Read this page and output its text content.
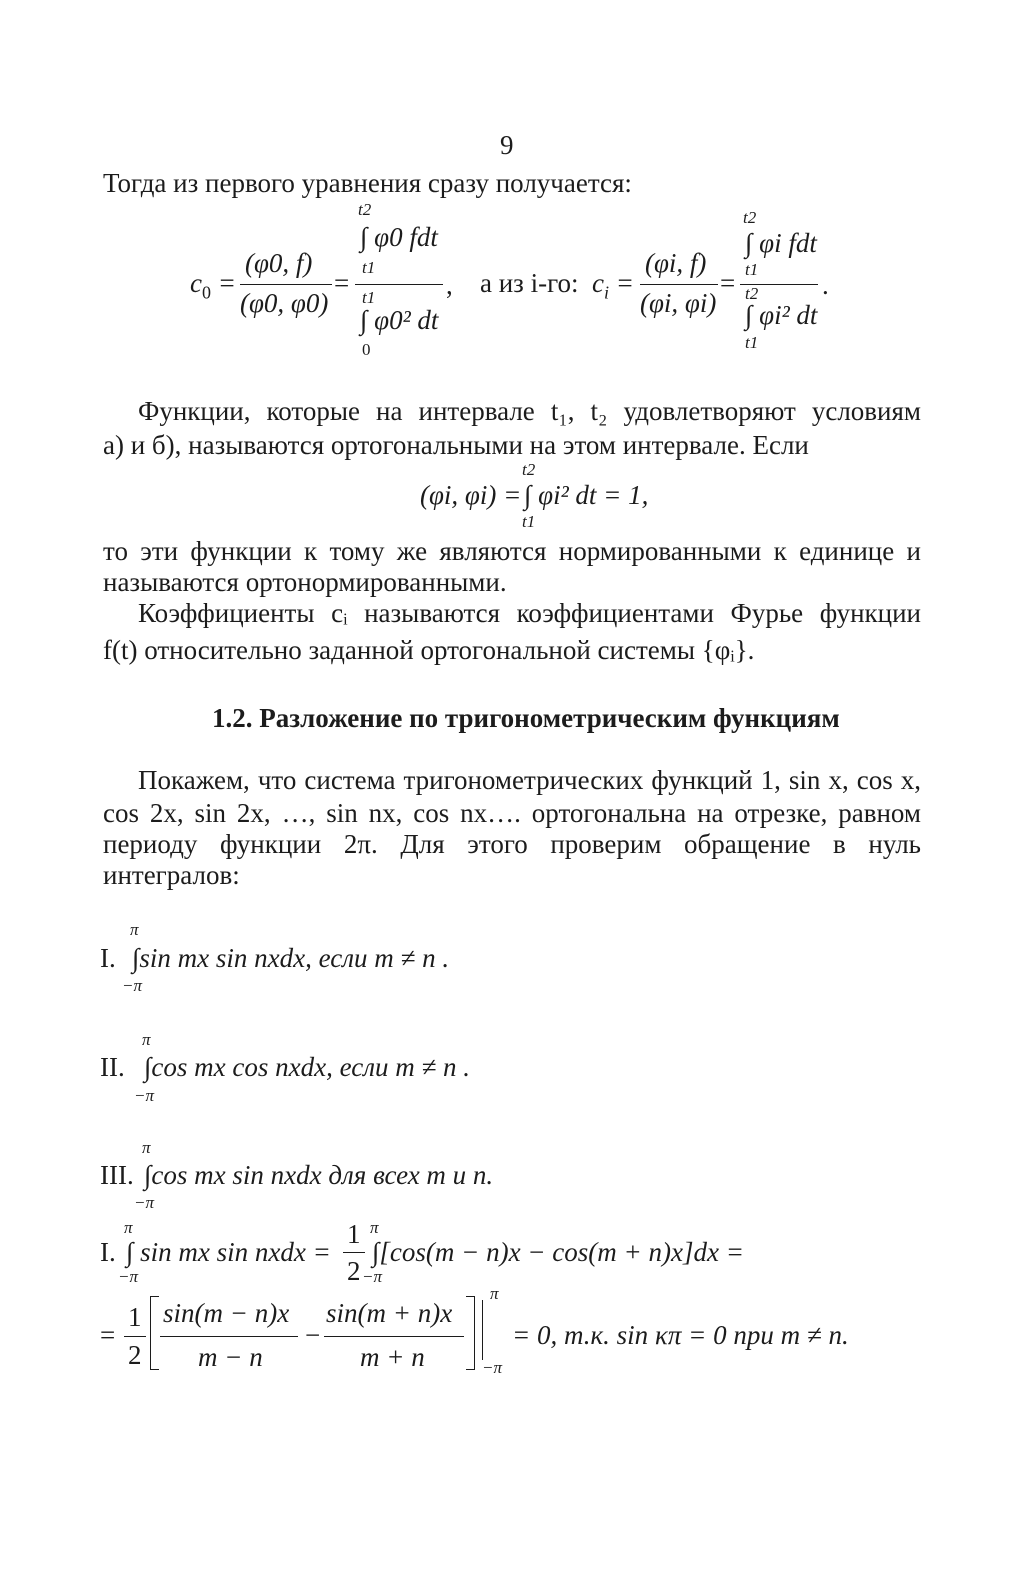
9
Тогда из первого уравнения сразу получается:
$c_0$ =
(φ0, f)
(φ0, φ0)
=
t2
∫ φ0 fdt
t1
t1
∫ φ0² dt
0
, а из i-го: $c_i$ =
(φi, f)
(φi, φi)
=
t2
∫ φi fdt
t1
t2
∫ φi² dt
t1
.
Функции, которые на интервале t₁, t₂ удовлетворяют условиям
а) и б), называются ортогональными на этом интервале. Если
(φi, φi) =
t2
∫ φi² dt = 1,
t1
то эти функции к тому же являются нормированными к единице и
называются ортонормированными.
Коэффициенты cᵢ называются коэффициентами Фурье функции
f(t) относительно заданной ортогональной системы {φᵢ}.
1.2. Разложение по тригонометрическим функциям
Покажем, что система тригонометрических функций 1, sin x, cos x,
cos 2x, sin 2x, …, sin nx, cos nx…. ортогональна на отрезке, равном
периоду функции 2π. Для этого проверим обращение в нуль
интегралов:
I.
π
∫sin mx sin nxdx, если m ≠ n .
−π
II.
π
∫cos mx cos nxdx, если m ≠ n .
−π
III.
π
∫cos mx sin nxdx для всех m и n.
−π
I.
π
−π
∫ sin mx sin nxdx =
1
2
π
−π
∫[cos(m − n)x − cos(m + n)x]dx =
=
1
2
sin(m − n)x
m − n
−
sin(m + n)x
m + n
π
−π
= 0, т.к. sin κπ = 0 при m ≠ n.
